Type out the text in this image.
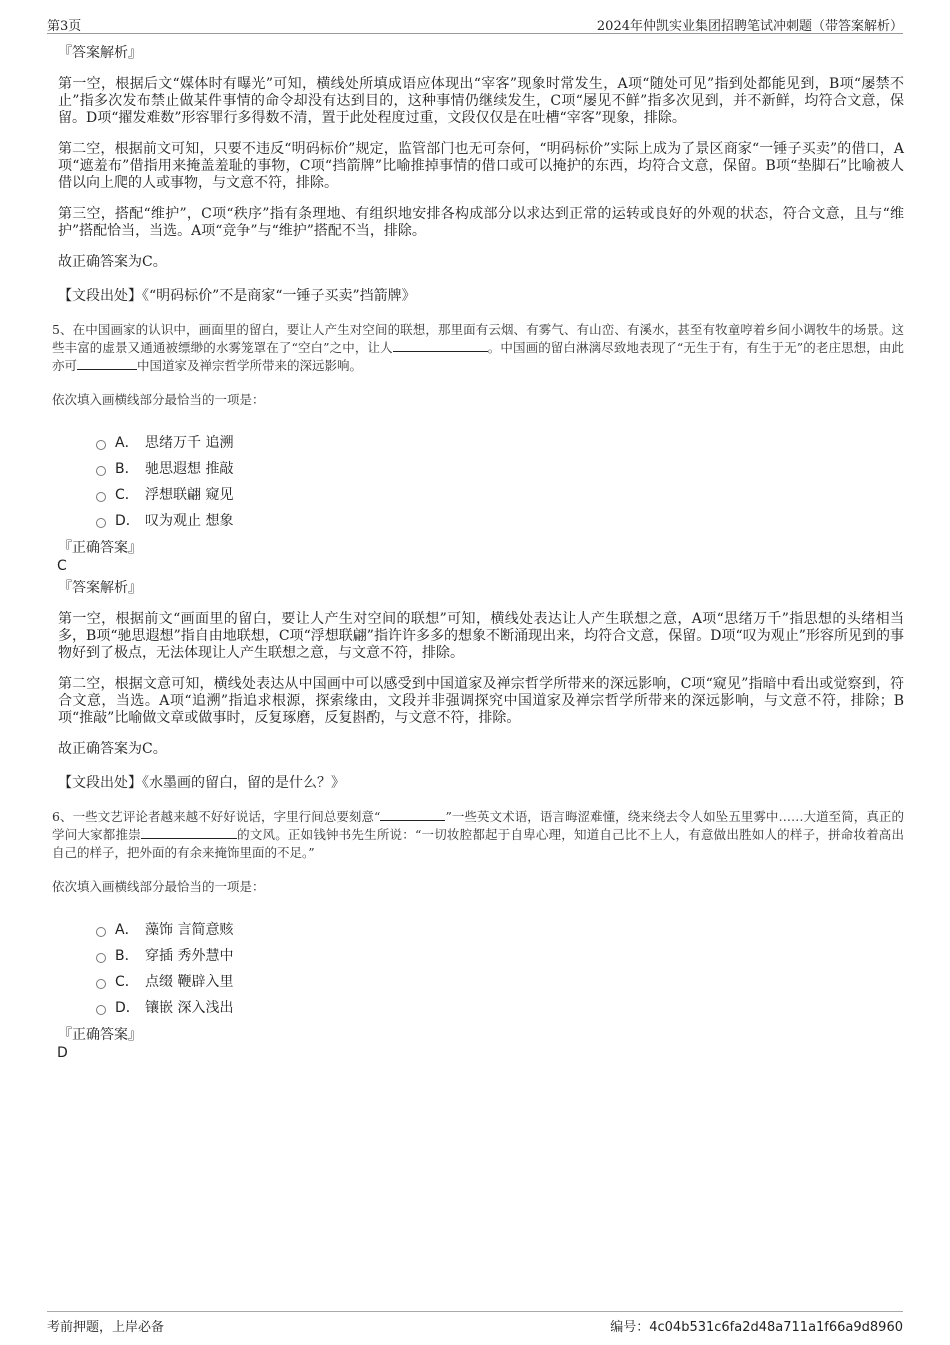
第3页	2024年仲凯实业集团招聘笔试冲刺题（带答案解析）
『答案解析』

第一空，根据后文“媒体时有曝光”可知，横线处所填成语应体现出“宰客”现象时常发生，A项“随处可见”指到处都能见到，B项“屡禁不止”指多次发布禁止做某件事情的命令却没有达到目的，这种事情仍继续发生，C项“屡见不鲜”指多次见到，并不新鲜，均符合文意，保留。D项“擢发难数”形容罪行多得数不清，置于此处程度过重，文段仅仅是在吐槽“宰客”现象，排除。

第二空，根据前文可知，只要不违反“明码标价”规定，监管部门也无可奈何，“明码标价”实际上成为了景区商家“一锤子买卖”的借口，A项“遮羞布”借指用来掩盖羞耻的事物，C项“挡箭牌”比喻推掉事情的借口或可以掩护的东西，均符合文意，保留。B项“垫脚石”比喻被人借以向上爬的人或事物，与文意不符，排除。

第三空，搭配“维护”，C项“秩序”指有条理地、有组织地安排各构成部分以求达到正常的运转或良好的外观的状态，符合文意，且与“维护”搭配恰当，当选。A项“竞争”与“维护”搭配不当，排除。

故正确答案为C。

【文段出处】《“明码标价”不是商家“一锤子买卖”挡箭牌》

5、在中国画家的认识中，画面里的留白，要让人产生对空间的联想，那里面有云烟、有雾气、有山峦、有溪水，甚至有牧童哼着乡间小调牧牛的场景。这些丰富的虚景又通通被缥缈的水雾笼罩在了“空白”之中，让人	。中国画的留白淋漓尽致地表现了“无生于有，有生于无”的老庄思想，由此亦可	中国道家及禅宗哲学所带来的深远影响。

依次填入画横线部分最恰当的一项是：

A． 思绪万千 追溯
B． 驰思遐想 推敲
C． 浮想联翩 窥见
D． 叹为观止 想象
『正确答案』
C
『答案解析』

第一空，根据前文“画面里的留白，要让人产生对空间的联想”可知，横线处表达让人产生联想之意，A项“思绪万千”指思想的头绪相当多，B项“驰思遐想”指自由地联想，C项“浮想联翩”指许许多多的想象不断涌现出来，均符合文意，保留。D项“叹为观止”形容所见到的事物好到了极点，无法体现让人产生联想之意，与文意不符，排除。

第二空，根据文意可知，横线处表达从中国画中可以感受到中国道家及禅宗哲学所带来的深远影响，C项“窥见”指暗中看出或觉察到，符合文意，当选。A项“追溯”指追求根源，探索缘由，文段并非强调探究中国道家及禅宗哲学所带来的深远影响，与文意不符，排除；B项“推敲”比喻做文章或做事时，反复琢磨，反复斟酌，与文意不符，排除。

故正确答案为C。

【文段出处】《水墨画的留白，留的是什么？》

6、一些文艺评论者越来越不好好说话，字里行间总要刻意“	”一些英文术语，语言晦涩难懂，绕来绕去令人如坠五里雾中……大道至简，真正的学问大家都推崇	的文风。正如钱钟书先生所说：“一切妆腔都起于自卑心理，知道自己比不上人，有意做出胜如人的样子，拼命妆着高出自己的样子，把外面的有余来掩饰里面的不足。”

依次填入画横线部分最恰当的一项是：

A． 藻饰 言简意赅
B． 穿插 秀外慧中
C． 点缀 鞭辟入里
D． 镶嵌 深入浅出
『正确答案』
D
考前押题，上岸必备	编号：4c04b531c6fa2d48a711a1f66a9d8960
